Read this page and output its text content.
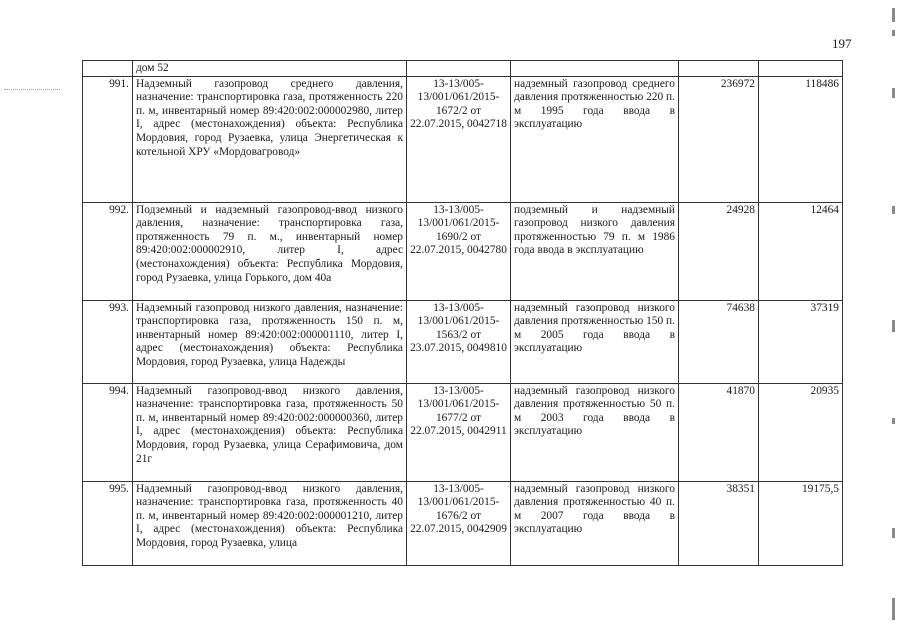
197
	дом 52				
991.	Надземный газопровод среднего давления, назначение: транспортировка газа, протяженность 220 п. м, инвентарный номер 89:420:002:000002980, литер I, адрес (местонахождения) объекта: Республика Мордовия, город Рузаевка, улица Энергетическая к котельной ХРУ «Мордовагровод»	13-13/005-13/001/061/2015-1672/2 от 22.07.2015, 0042718	надземный газопровод среднего давления протяженностью 220 п. м 1995 года ввода в эксплуатацию	236972	118486
992.	Подземный и надземный газопровод-ввод низкого давления, назначение: транспортировка газа, протяженность 79 п. м., инвентарный номер 89:420:002:000002910, литер I, адрес (местонахождения) объекта: Республика Мордовия, город Рузаевка, улица Горького, дом 40а	13-13/005-13/001/061/2015-1690/2 от 22.07.2015, 0042780	подземный и надземный газопровод низкого давления протяженностью 79 п. м 1986 года ввода в эксплуатацию	24928	12464
993.	Надземный газопровод низкого давления, назначение: транспортировка газа, протяженность 150 п. м, инвентарный номер 89:420:002:000001110, литер I, адрес (местонахождения) объекта: Республика Мордовия, город Рузаевка, улица Надежды	13-13/005-13/001/061/2015-1563/2 от 23.07.2015, 0049810	надземный газопровод низкого давления протяженностью 150 п. м 2005 года ввода в эксплуатацию	74638	37319
994.	Надземный газопровод-ввод низкого давления, назначение: транспортировка газа, протяженность 50 п. м, инвентарный номер 89:420:002:000000360, литер I, адрес (местонахождения) объекта: Республика Мордовия, город Рузаевка, улица Серафимовича, дом 21г	13-13/005-13/001/061/2015-1677/2 от 22.07.2015, 0042911	надземный газопровод низкого давления протяженностью 50 п. м 2003 года ввода в эксплуатацию	41870	20935
995.	Надземный газопровод-ввод низкого давления, назначение: транспортировка газа, протяженность 40 п. м, инвентарный номер 89:420:002:000001210, литер I, адрес (местонахождения) объекта: Республика Мордовия, город Рузаевка, улица	13-13/005-13/001/061/2015-1676/2 от 22.07.2015, 0042909	надземный газопровод низкого давления протяженностью 40 п. м 2007 года ввода в эксплуатацию	38351	19175,5
